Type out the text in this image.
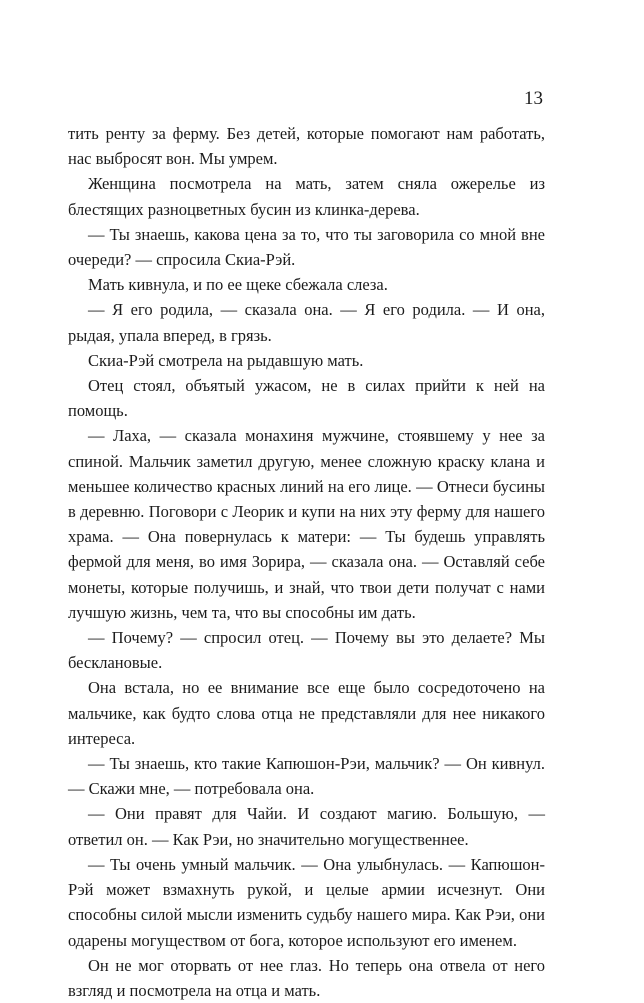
13

тить ренту за ферму. Без детей, которые помогают нам работать, нас выбросят вон. Мы умрем.

Женщина посмотрела на мать, затем сняла ожерелье из блестящих разноцветных бусин из клинка-дерева.

— Ты знаешь, какова цена за то, что ты заговорила со мной вне очереди? — спросила Скиа-Рэй.

Мать кивнула, и по ее щеке сбежала слеза.

— Я его родила, — сказала она. — Я его родила. — И она, рыдая, упала вперед, в грязь.

Скиа-Рэй смотрела на рыдавшую мать.

Отец стоял, объятый ужасом, не в силах прийти к ней на помощь.

— Лаха, — сказала монахиня мужчине, стоявшему у нее за спиной. Мальчик заметил другую, менее сложную краску клана и меньшее количество красных линий на его лице. — Отнеси бусины в деревню. Поговори с Леорик и купи на них эту ферму для нашего храма. — Она повернулась к матери: — Ты будешь управлять фермой для меня, во имя Зорира, — сказала она. — Оставляй себе монеты, которые получишь, и знай, что твои дети получат с нами лучшую жизнь, чем та, что вы способны им дать.

— Почему? — спросил отец. — Почему вы это делаете? Мы бесклановые.

Она встала, но ее внимание все еще было сосредоточено на мальчике, как будто слова отца не представляли для нее никакого интереса.

— Ты знаешь, кто такие Капюшон-Рэи, мальчик? — Он кивнул. — Скажи мне, — потребовала она.

— Они правят для Чайи. И создают магию. Большую, — ответил он. — Как Рэи, но значительно могущественнее.

— Ты очень умный мальчик. — Она улыбнулась. — Капюшон-Рэй может взмахнуть рукой, и целые армии исчезнут. Они способны силой мысли изменить судьбу нашего мира. Как Рэи, они одарены могуществом от бога, которое используют его именем.

Он не мог оторвать от нее глаз. Но теперь она отвела от него взгляд и посмотрела на отца и мать.
